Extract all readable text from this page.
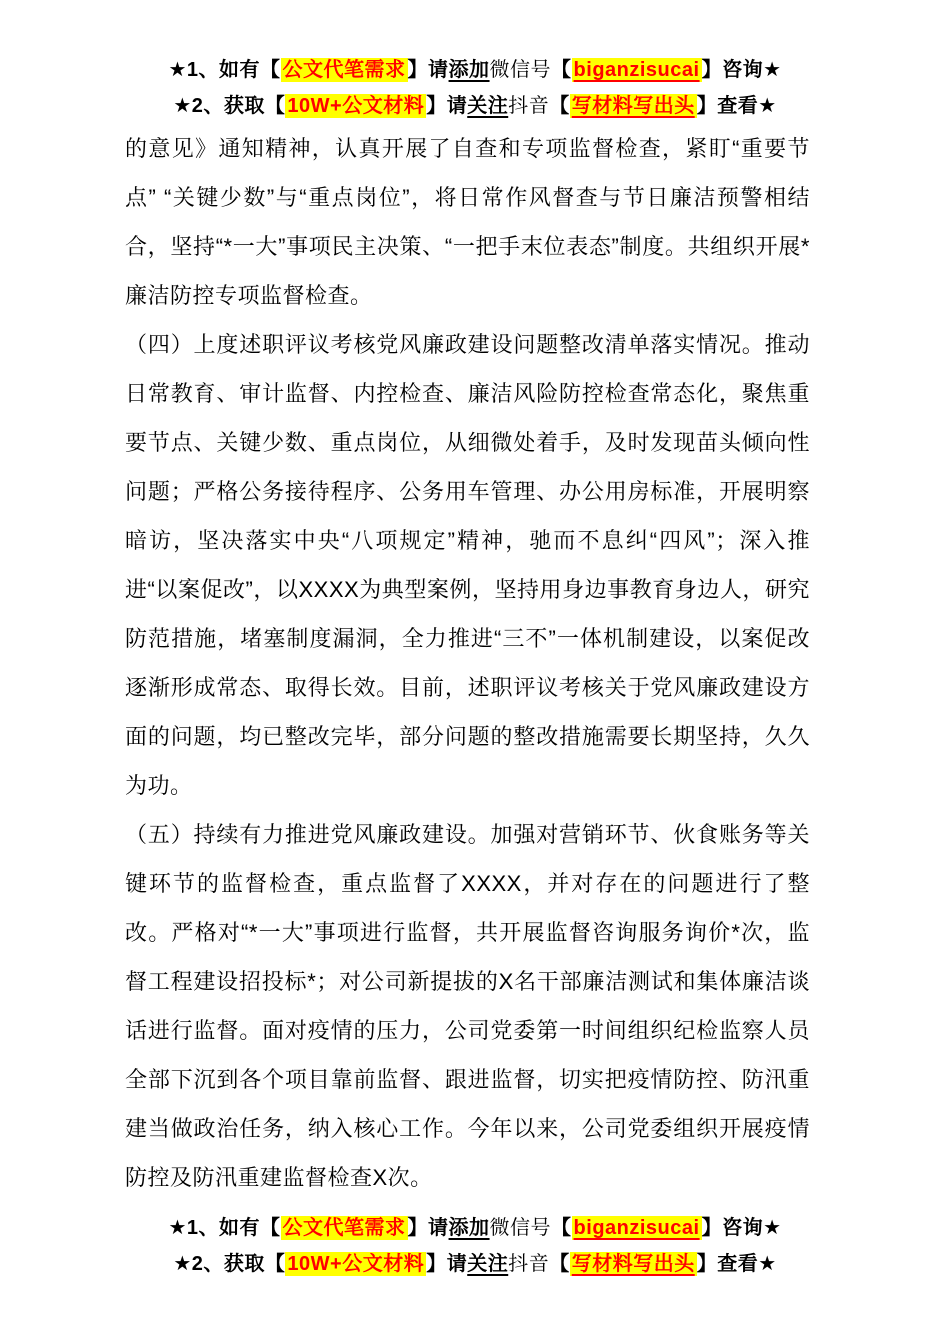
★1、如有【 公文代笔需求 】请添加微信号【 biganzisucai 】咨询★
★2、获取【 10W+公文材料 】请关注抖音【 写材料写出头 】查看★

的意见》通知精神，认真开展了自查和专项监督检查，紧盯“重要节点” “关键少数”与“重点岗位”，将日常作风督查与节日廉洁预警相结合，坚持“*一大”事项民主决策、“一把手末位表态”制度。共组织开展*廉洁防控专项监督检查。

（四）上度述职评议考核党风廉政建设问题整改清单落实情况。推动日常教育、审计监督、内控检查、廉洁风险防控检查常态化，聚焦重要节点、关键少数、重点岗位，从细微处着手，及时发现苗头倾向性问题；严格公务接待程序、公务用车管理、办公用房标准，开展明察暗访，坚决落实中央“八项规定”精神，驰而不息纠“四风”；深入推进“以案促改”，以XXXX为典型案例，坚持用身边事教育身边人，研究防范措施，堵塞制度漏洞，全力推进“三不”一体机制建设，以案促改逐渐形成常态、取得长效。目前，述职评议考核关于党风廉政建设方面的问题，均已整改完毕，部分问题的整改措施需要长期坚持，久久为功。

（五）持续有力推进党风廉政建设。加强对营销环节、伙食账务等关键环节的监督检查，重点监督了XXXX，并对存在的问题进行了整改。严格对“*一大”事项进行监督，共开展监督咨询服务询价*次，监督工程建设招投标*；对公司新提拔的X名干部廉洁测试和集体廉洁谈话进行监督。面对疫情的压力，公司党委第一时间组织纪检监察人员全部下沉到各个项目靠前监督、跟进监督，切实把疫情防控、防汛重建当做政治任务，纳入核心工作。今年以来，公司党委组织开展疫情防控及防汛重建监督检查X次。

★1、如有【 公文代笔需求 】请添加微信号【 biganzisucai 】咨询★
★2、获取【 10W+公文材料 】请关注抖音【 写材料写出头 】查看★
